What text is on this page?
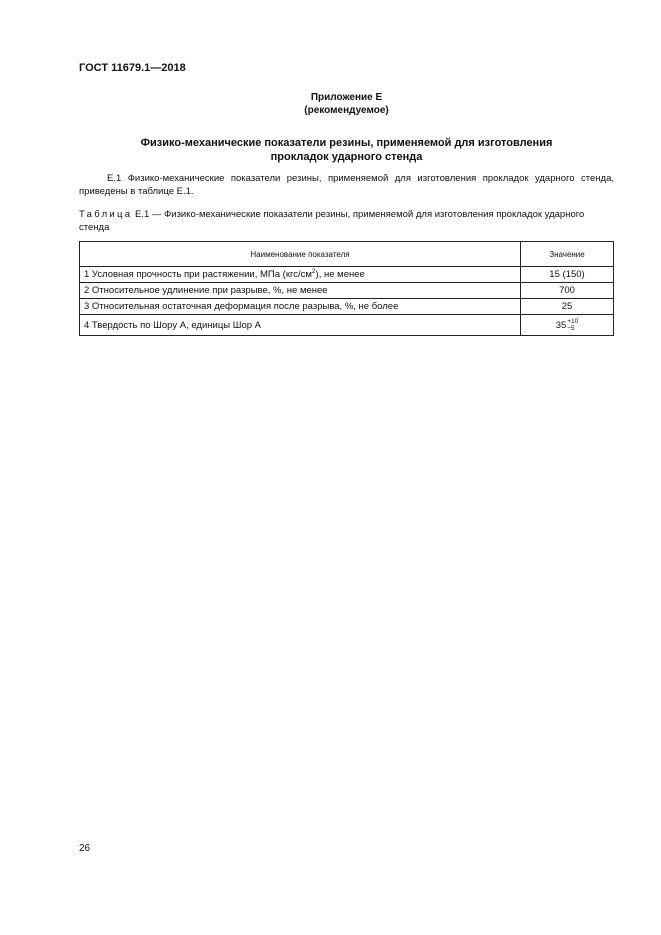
ГОСТ 11679.1—2018
Приложение Е
(рекомендуемое)
Физико-механические показатели резины, применяемой для изготовления
прокладок ударного стенда
Е.1 Физико-механические показатели резины, применяемой для изготовления прокладок ударного стенда, приведены в таблице Е.1.
Таблица Е.1 — Физико-механические показатели резины, применяемой для изготовления прокладок ударного стенда
Наименование показателя	Значение
1 Условная прочность при растяжении, МПа $(кгс/см^2)$, не менее	15 (150)
2 Относительное удлинение при разрыве, %, не менее	700
3 Относительная остаточная деформация после разрыва, %, не более	25
4 Твердость по Шору А, единицы Шор А	35 +10
−5
26
